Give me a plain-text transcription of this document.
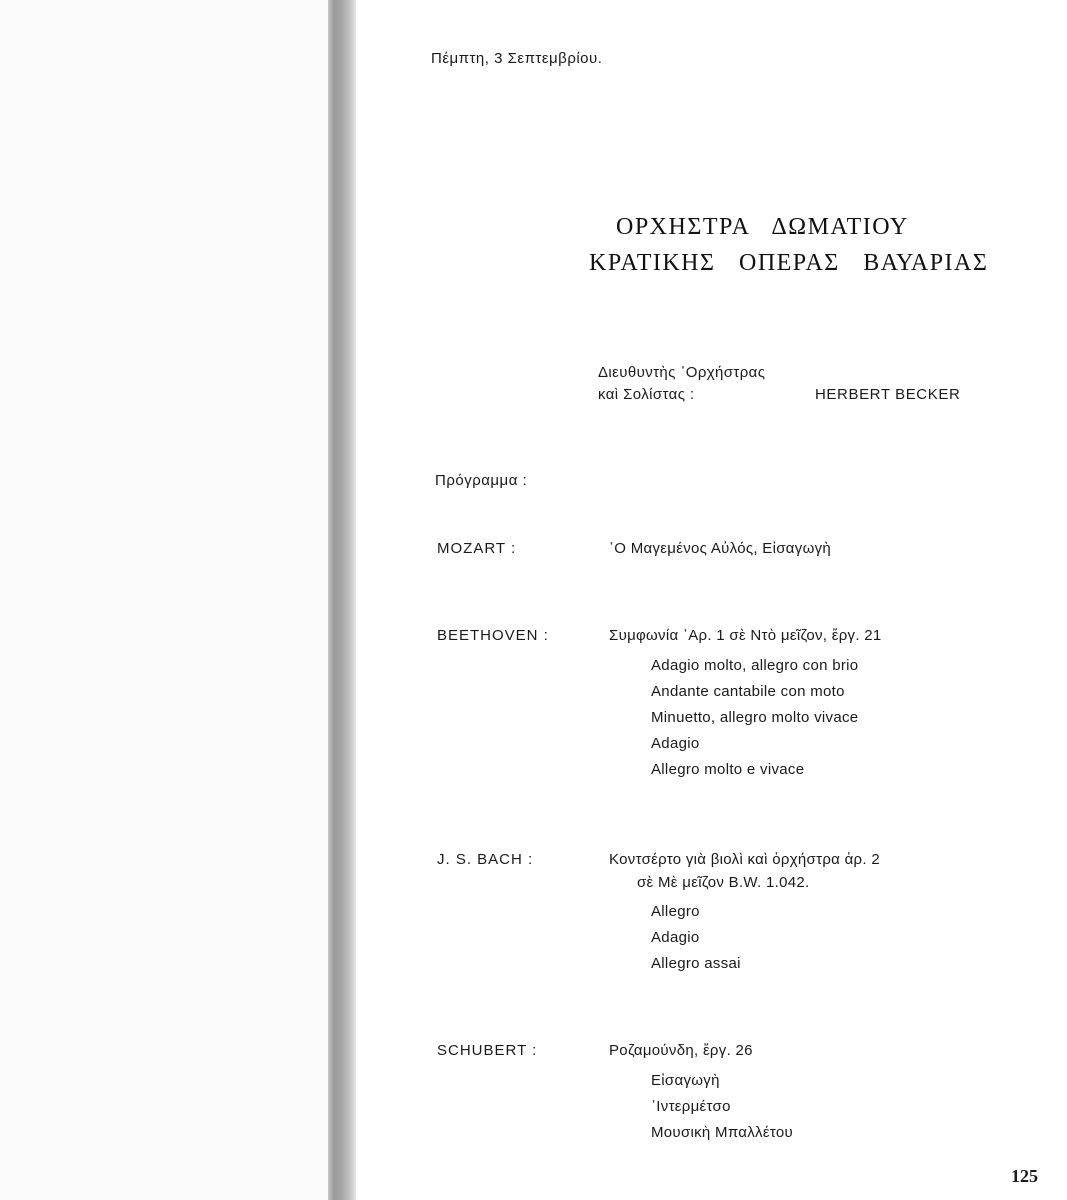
Πέμπτη, 3 Σεπτεμβρίου.
ΟΡΧΗΣΤΡΑ ΔΩΜΑΤΙΟΥ
ΚΡΑΤΙΚΗΣ ΟΠΕΡΑΣ ΒΑΥΑΡΙΑΣ
Διευθυντὴς ᾿Ορχήστρας
καὶ Σολίστας :	HERBERT BECKER
Πρόγραμμα :
MOZART :	῾Ο Μαγεμένος Αὐλός, Εἰσαγωγὴ
BEETHOVEN :	Συμφωνία ᾿Αρ. 1 σὲ Ντὸ μεῖζον, ἔργ. 21
Adagio molto, allegro con brio
Andante cantabile con moto
Minuetto, allegro molto vivace
Adagio
Allegro molto e vivace
J. S. BACH :	Κοντσέρτο γιὰ βιολὶ καὶ ὀρχήστρα ἀρ. 2
σὲ Μὲ μεῖζον B.W. 1.042.
Allegro
Adagio
Allegro assai
SCHUBERT :	Ροζαμούνδη, ἔργ. 26
Εἰσαγωγὴ
᾿Ιντερμέτσο
Μουσικὴ Μπαλλέτου
125
